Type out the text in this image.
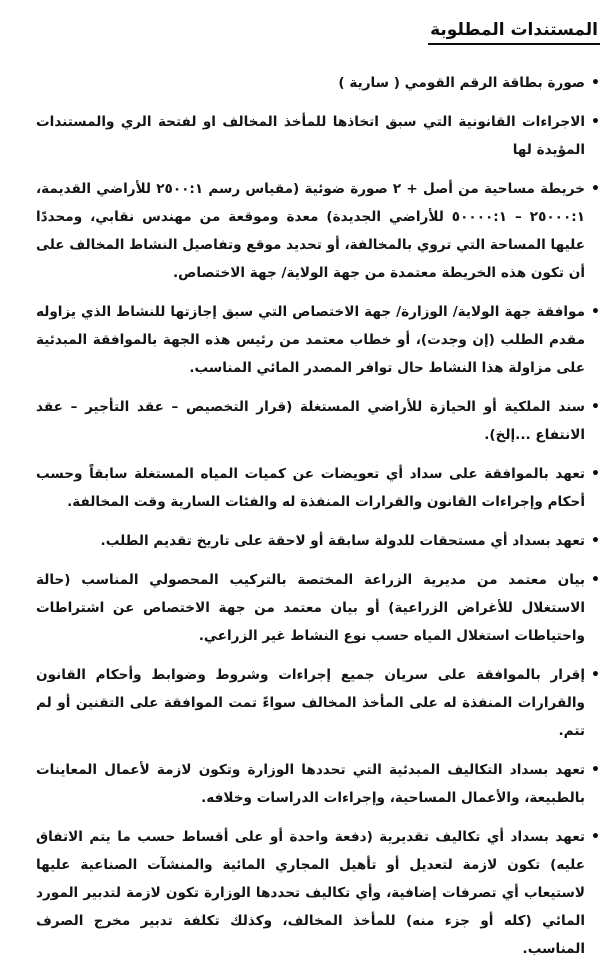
المستندات المطلوبة
•
صورة بطاقة الرقم القومي ( سارية )
•
الاجراءات القانونية التي سبق اتخاذها للمأخذ المخالف او لفتحة الري والمستندات المؤيدة لها
•
خريطة مساحية من أصل + ٢ صورة ضوئية (مقياس رسم ٢٥٠٠:١ للأراضي القديمة، ٢٥٠٠٠:١ – ٥٠٠٠٠:١ للأراضي الجديدة) معدة وموقعة من مهندس نقابي، ومحددًا عليها المساحة التي تروي بالمخالفة، أو تحديد موقع وتفاصيل النشاط المخالف على أن تكون هذه الخريطة معتمدة من جهة الولاية/ جهة الاختصاص.
•
موافقة جهة الولاية/ الوزارة/ جهة الاختصاص التي سبق إجازتها للنشاط الذي يزاوله مقدم الطلب (إن وجدت)، أو خطاب معتمد من رئيس هذه الجهة بالموافقة المبدئية على مزاولة هذا النشاط حال توافر المصدر المائي المناسب.
•
سند الملكية أو الحيازة للأراضي المستغلة (قرار التخصيص – عقد التأجير – عقد الانتفاع ...إلخ).
•
تعهد بالموافقة على سداد أي تعويضات عن كميات المياه المستغلة سابقاً وحسب أحكام وإجراءات القانون والقرارات المنفذة له والفئات السارية وقت المخالفة.
•
تعهد بسداد أي مستحقات للدولة سابقة أو لاحقة على تاريخ تقديم الطلب.
•
بيان معتمد من مديرية الزراعة المختصة بالتركيب المحصولي المناسب (حالة الاستغلال للأغراض الزراعية) أو بيان معتمد من جهة الاختصاص عن اشتراطات واحتياطات استغلال المياه حسب نوع النشاط غير الزراعي.
•
إقرار بالموافقة على سريان جميع إجراءات وشروط وضوابط وأحكام القانون والقرارات المنفذة له على المأخذ المخالف سواءً تمت الموافقة على التقنين أو لم تتم.
•
تعهد بسداد التكاليف المبدئية التي تحددها الوزارة وتكون لازمة لأعمال المعاينات بالطبيعة، والأعمال المساحية، وإجراءات الدراسات وخلافه.
•
تعهد بسداد أي تكاليف تقديرية (دفعة واحدة أو على أقساط حسب ما يتم الاتفاق عليه) تكون لازمة لتعديل أو تأهيل المجاري المائية والمنشآت الصناعية عليها لاستيعاب أي تصرفات إضافية، وأي تكاليف تحددها الوزارة تكون لازمة لتدبير المورد المائي (كله أو جزء منه) للمأخذ المخالف، وكذلك تكلفة تدبير مخرج الصرف المناسب.
